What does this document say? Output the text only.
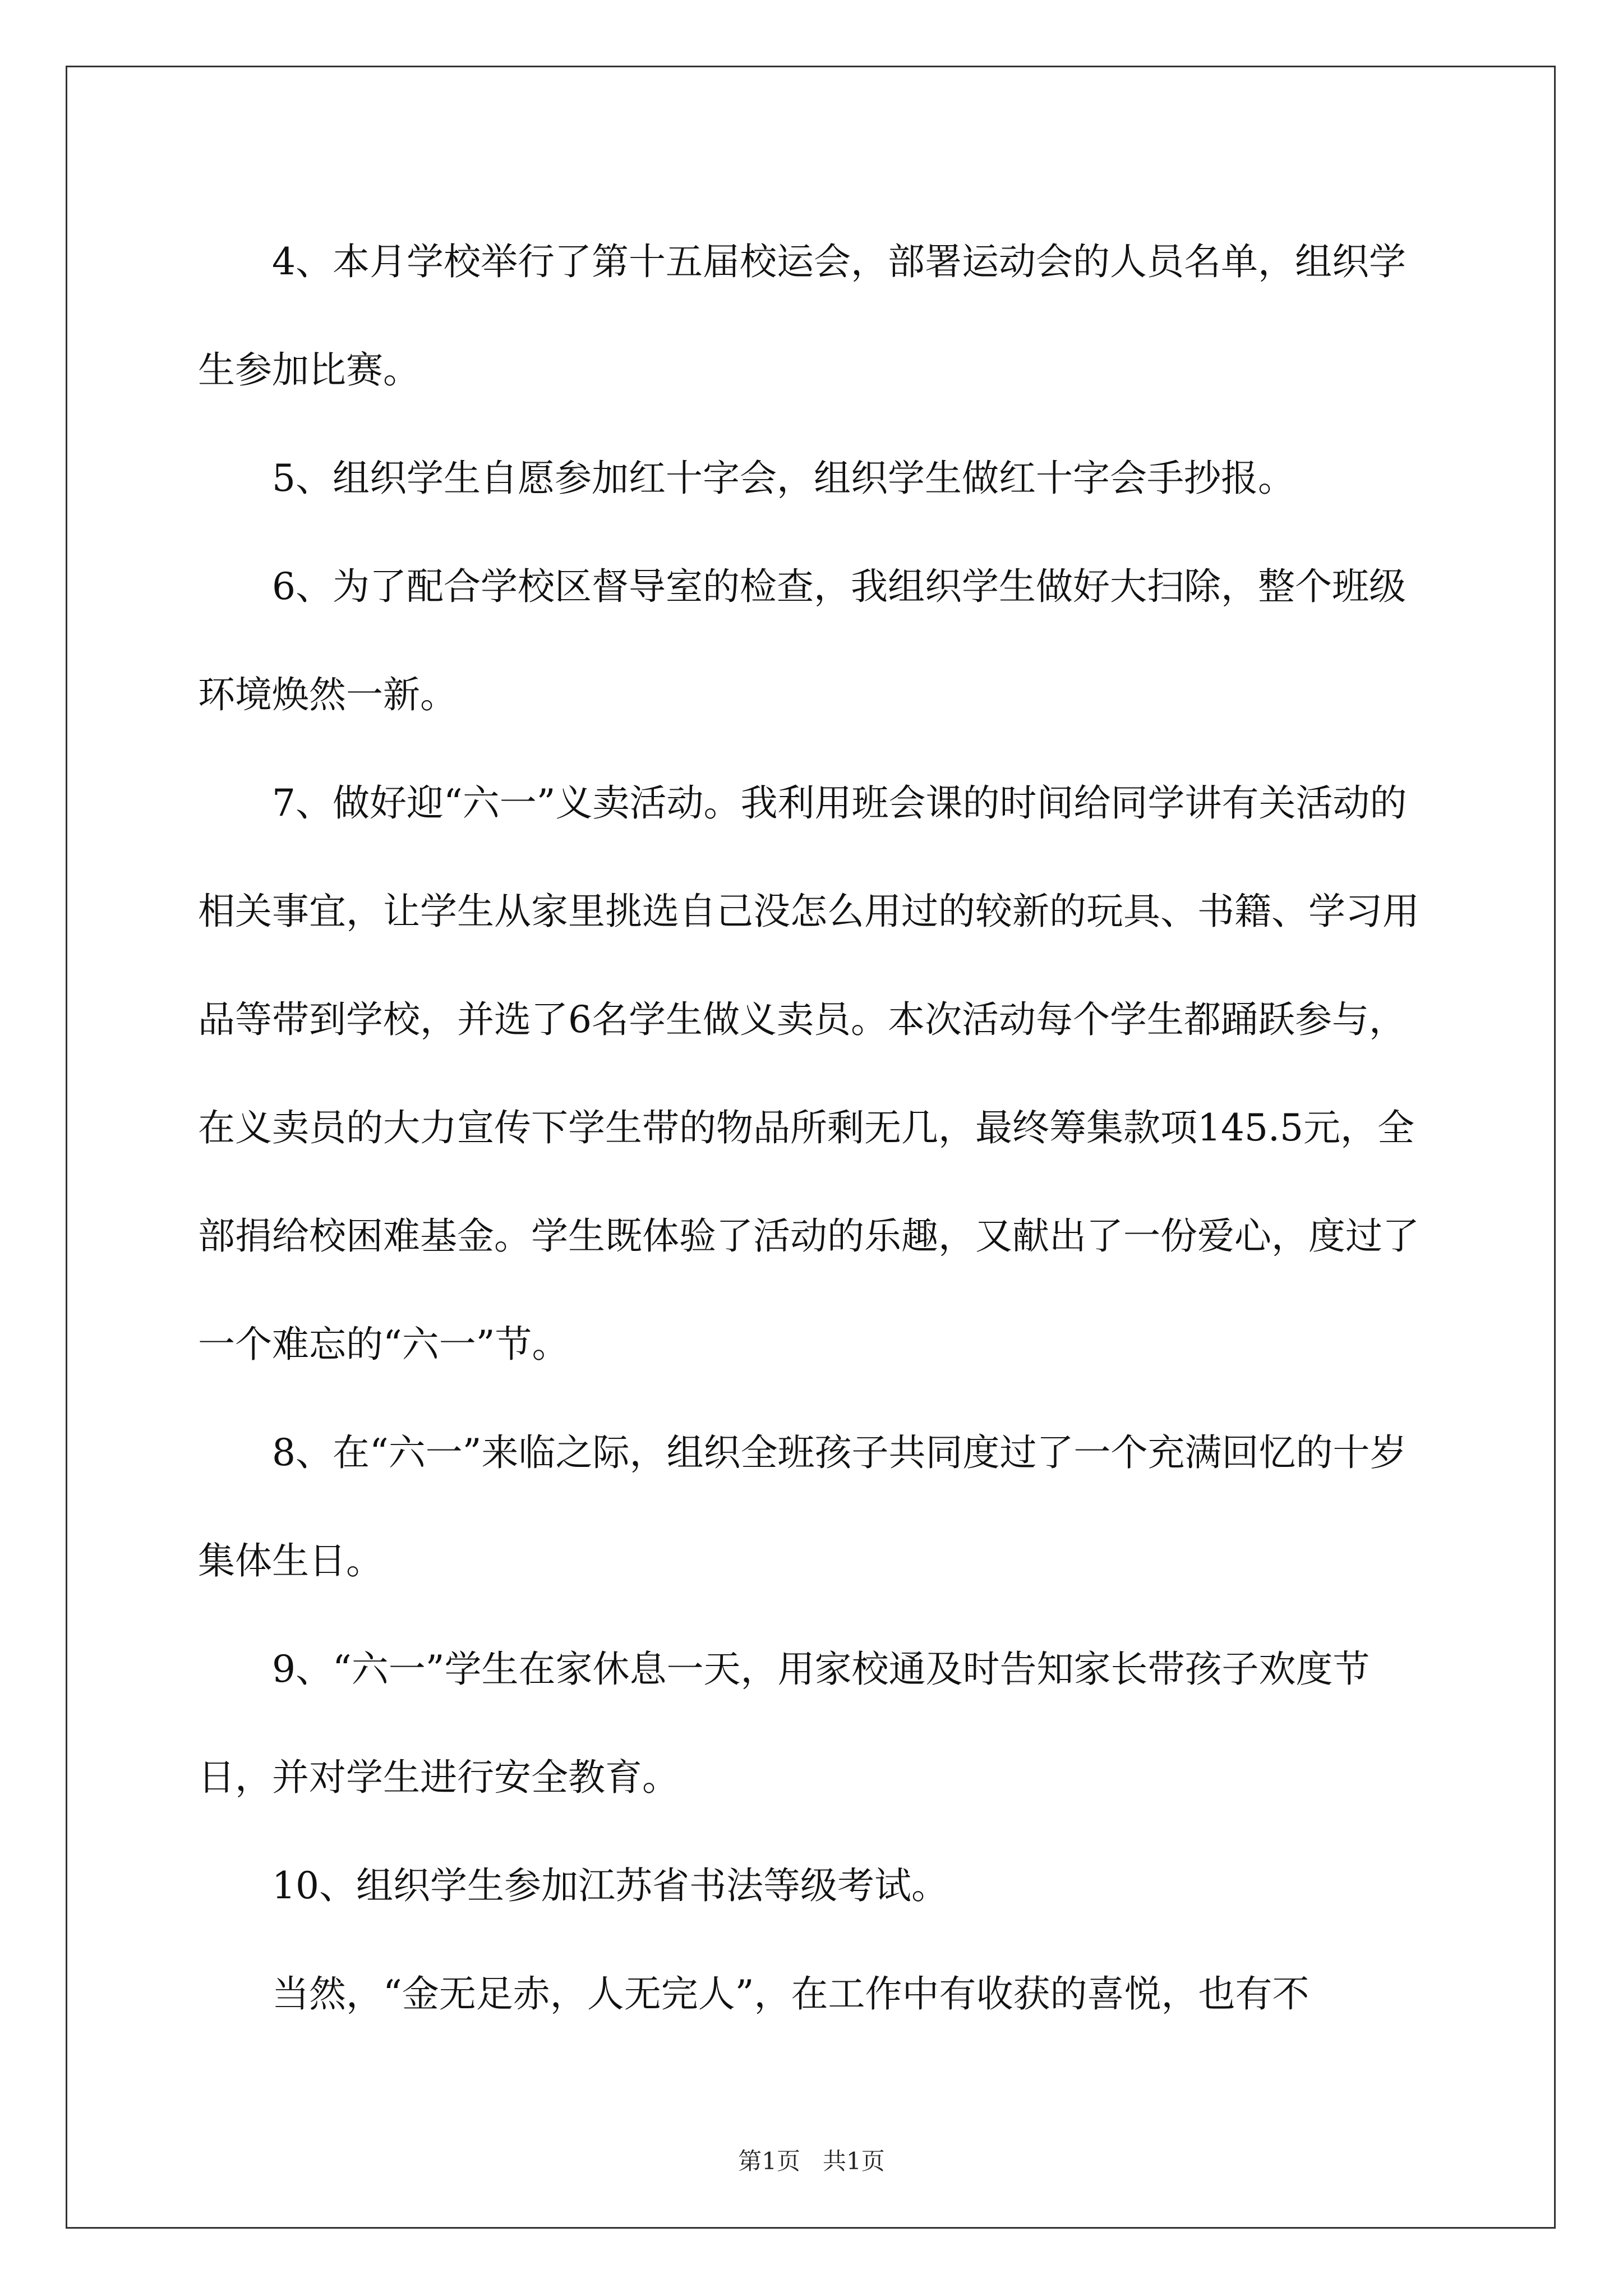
4、本月学校举行了第十五届校运会，部署运动会的人员名单，组织学生参加比赛。

5、组织学生自愿参加红十字会，组织学生做红十字会手抄报。

6、为了配合学校区督导室的检查，我组织学生做好大扫除，整个班级环境焕然一新。

7、做好迎“六一”义卖活动。我利用班会课的时间给同学讲有关活动的相关事宜，让学生从家里挑选自己没怎么用过的较新的玩具、书籍、学习用品等带到学校，并选了6名学生做义卖员。本次活动每个学生都踊跃参与，在义卖员的大力宣传下学生带的物品所剩无几，最终筹集款项145.5元，全部捐给校困难基金。学生既体验了活动的乐趣，又献出了一份爱心，度过了一个难忘的“六一”节。

8、在“六一”来临之际，组织全班孩子共同度过了一个充满回忆的十岁集体生日。

9、“六一”学生在家休息一天，用家校通及时告知家长带孩子欢度节日，并对学生进行安全教育。

10、组织学生参加江苏省书法等级考试。

当然，“金无足赤，人无完人”，在工作中有收获的喜悦，也有不

第1页   共1页
